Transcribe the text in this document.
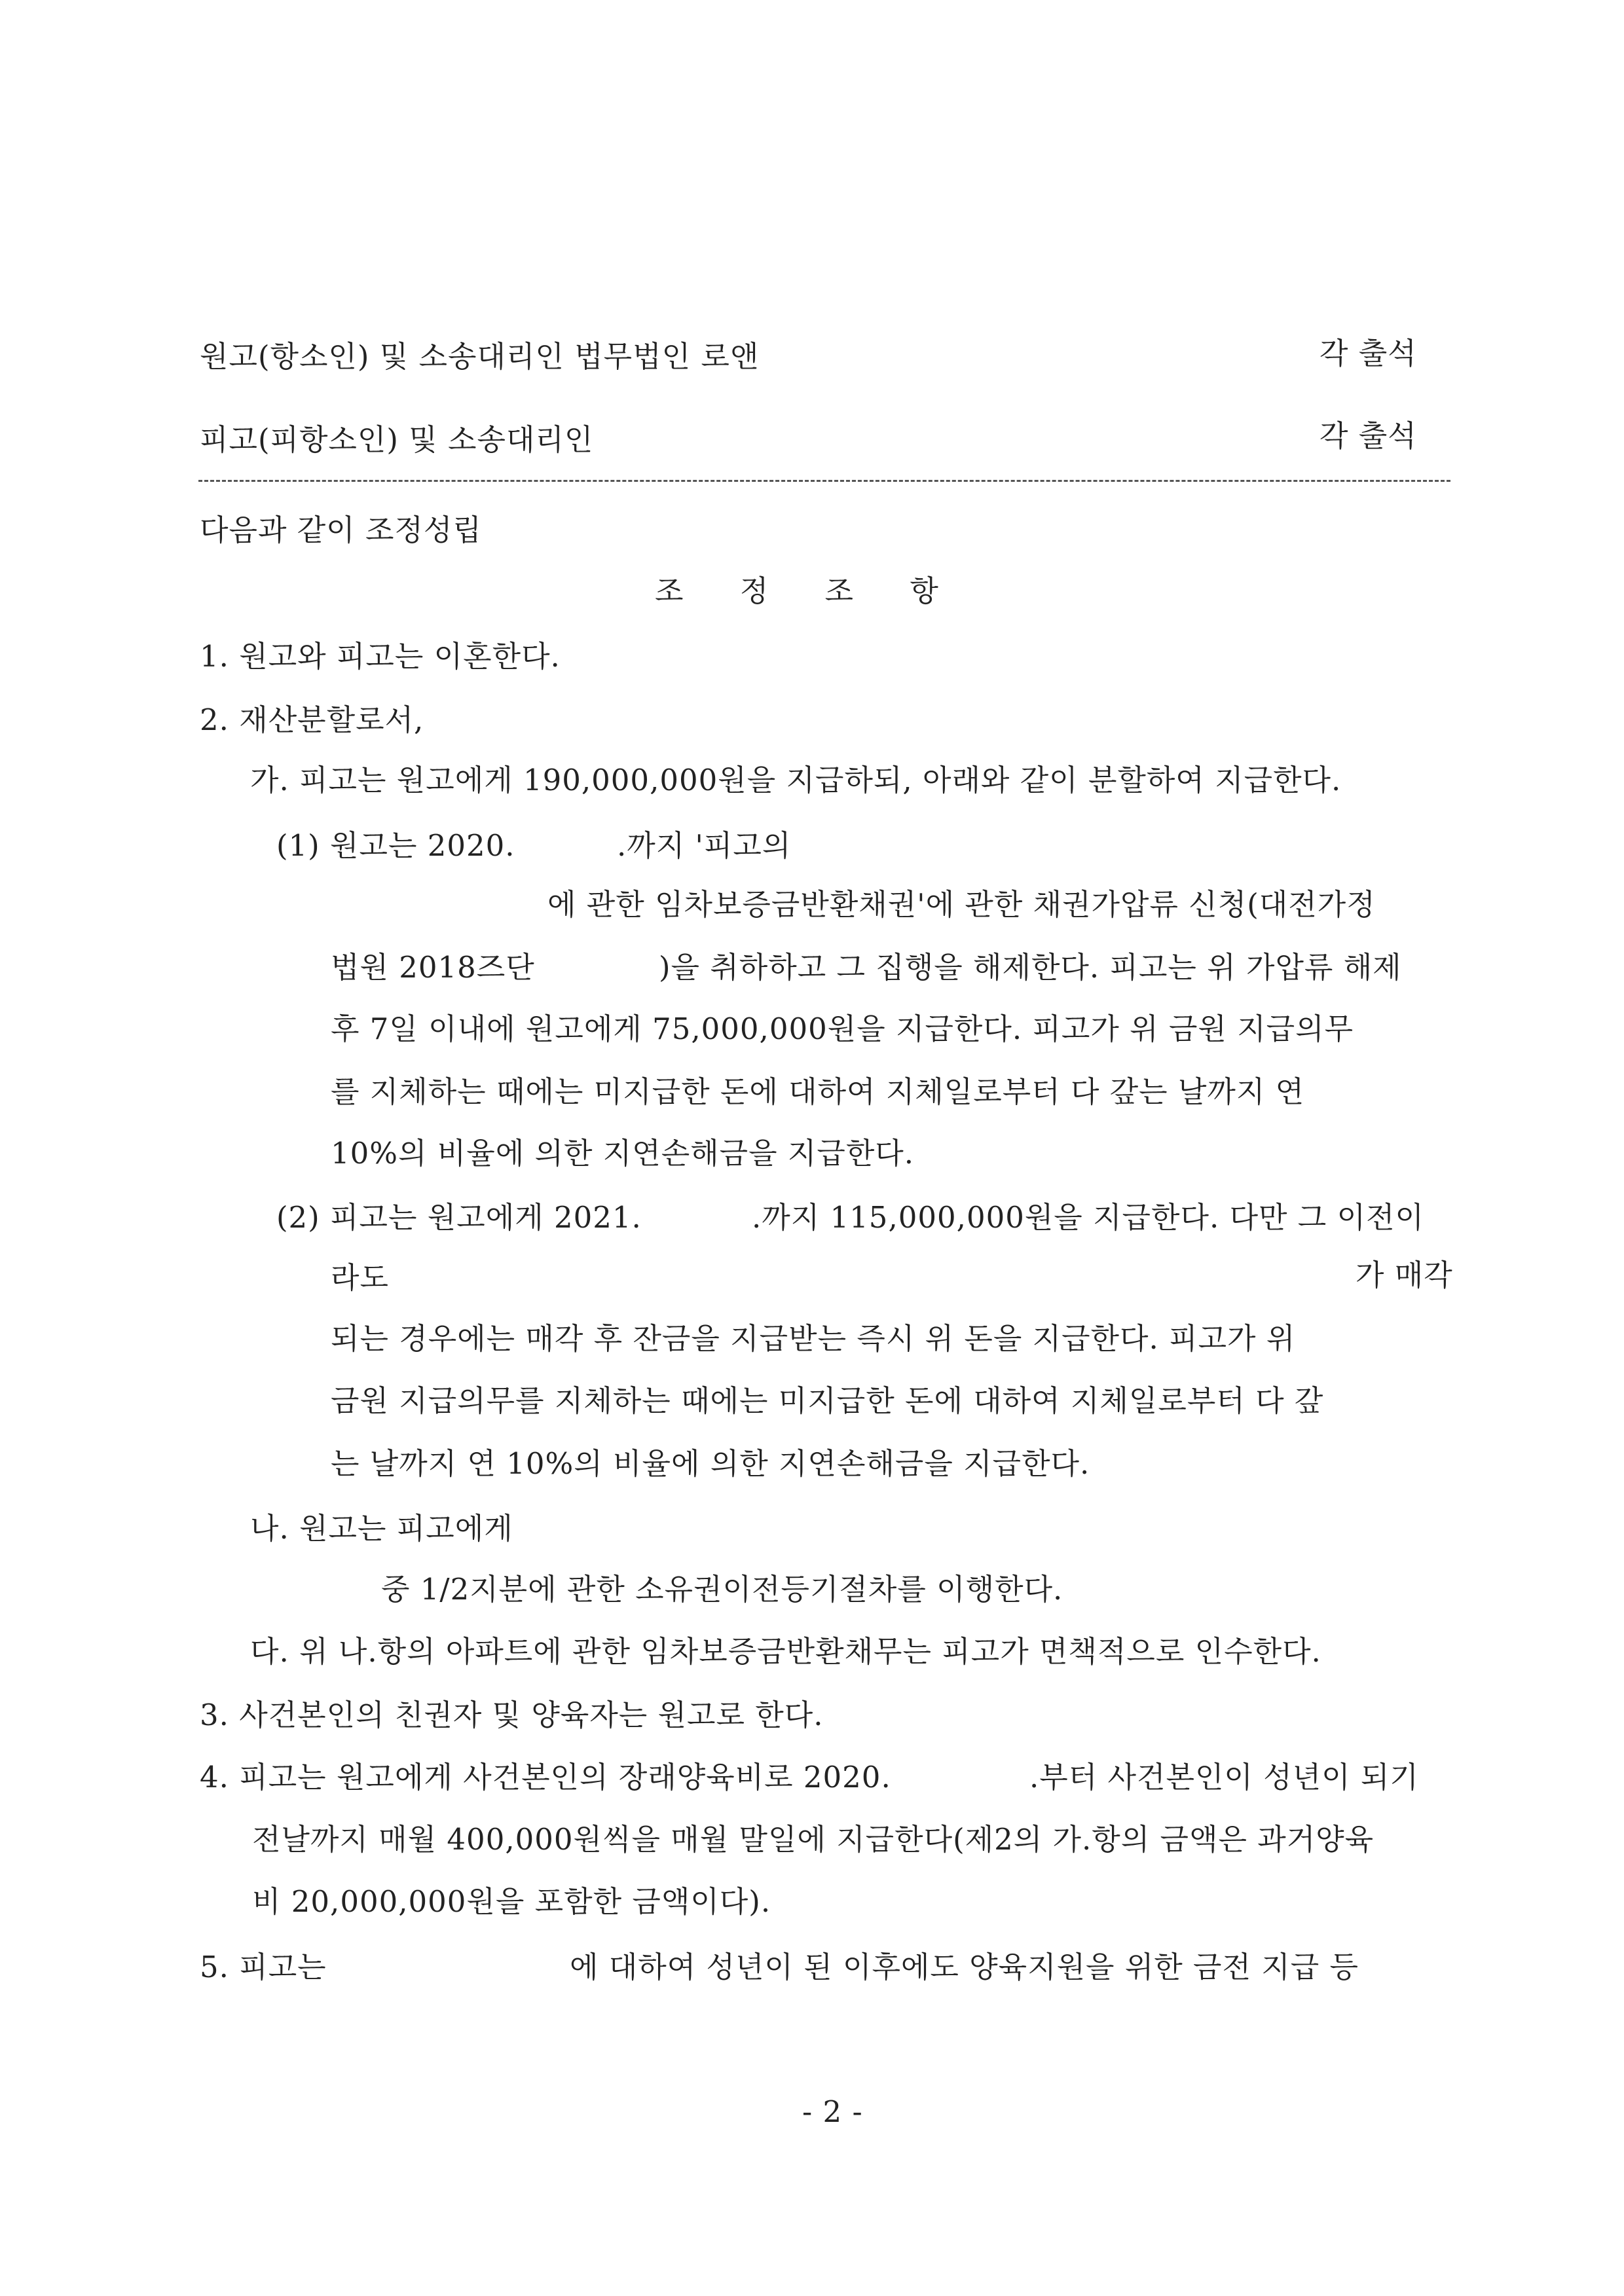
원고(항소인) 및 소송대리인 법무법인 로앤	각 출석
피고(피항소인) 및 소송대리인	각 출석
다음과 같이 조정성립
조 정 조 항
1. 원고와 피고는 이혼한다.
2. 재산분할로서,
가. 피고는 원고에게 190,000,000원을 지급하되, 아래와 같이 분할하여 지급한다.
(1) 원고는 2020.	.까지 '피고의
에 관한 임차보증금반환채권'에 관한 채권가압류 신청(대전가정
법원 2018즈단	)을 취하하고 그 집행을 해제한다. 피고는 위 가압류 해제
후 7일 이내에 원고에게 75,000,000원을 지급한다. 피고가 위 금원 지급의무
를 지체하는 때에는 미지급한 돈에 대하여 지체일로부터 다 갚는 날까지 연
10%의 비율에 의한 지연손해금을 지급한다.
(2) 피고는 원고에게 2021.	.까지 115,000,000원을 지급한다. 다만 그 이전이
라도	가 매각
되는 경우에는 매각 후 잔금을 지급받는 즉시 위 돈을 지급한다. 피고가 위
금원 지급의무를 지체하는 때에는 미지급한 돈에 대하여 지체일로부터 다 갚
는 날까지 연 10%의 비율에 의한 지연손해금을 지급한다.
나. 원고는 피고에게
중 1/2지분에 관한 소유권이전등기절차를 이행한다.
다. 위 나.항의 아파트에 관한 임차보증금반환채무는 피고가 면책적으로 인수한다.
3. 사건본인의 친권자 및 양육자는 원고로 한다.
4. 피고는 원고에게 사건본인의 장래양육비로 2020.	.부터 사건본인이 성년이 되기
전날까지 매월 400,000원씩을 매월 말일에 지급한다(제2의 가.항의 금액은 과거양육
비 20,000,000원을 포함한 금액이다).
5. 피고는	에 대하여 성년이 된 이후에도 양육지원을 위한 금전 지급 등
- 2 -
